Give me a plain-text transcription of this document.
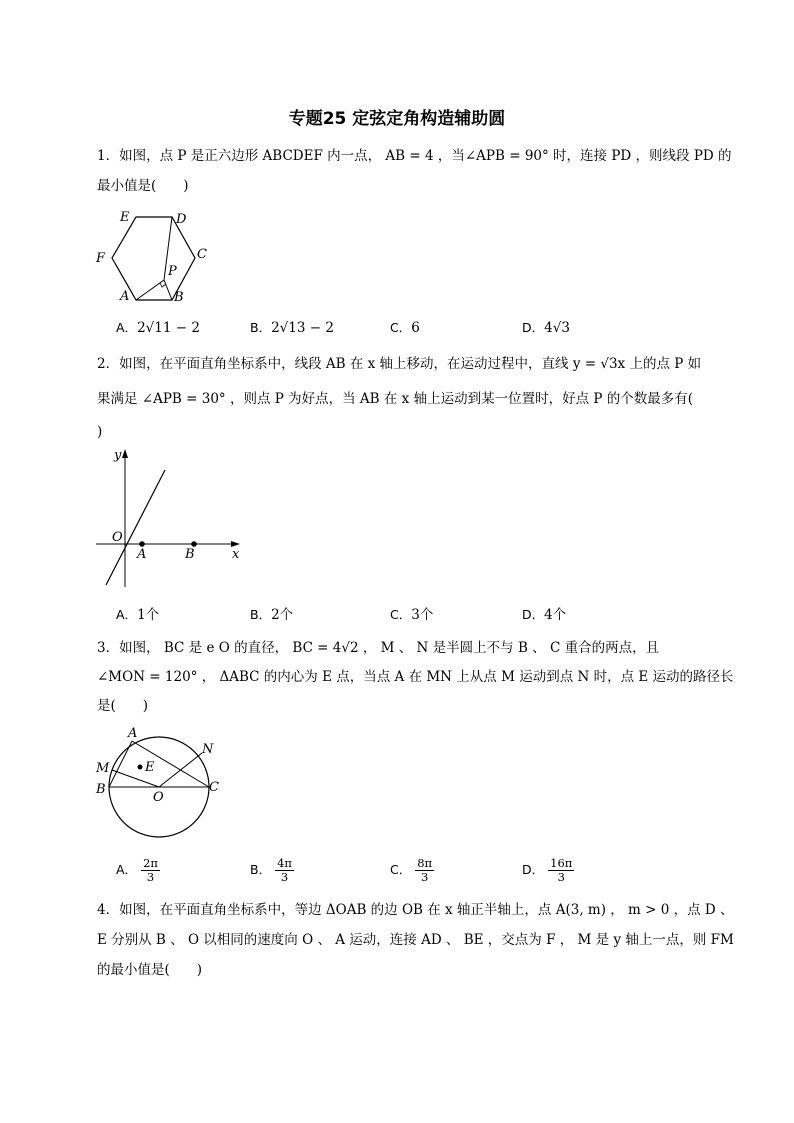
专题25 定弦定角构造辅助圆
1．如图，点 P 是正六边形 ABCDEF 内一点， AB = 4 ，当∠APB = 90° 时，连接 PD ，则线段 PD 的
最小值是(　　)
E	D
F	C
P
A	B
A．2√11 − 2	B．2√13 − 2	C．6	D．4√3
2．如图，在平面直角坐标系中，线段 AB 在 x 轴上移动，在运动过程中，直线 y = √3x 上的点 P 如
果满足 ∠APB = 30° ，则点 P 为好点，当 AB 在 x 轴上运动到某一位置时，好点 P 的个数最多有(
)
y
O
A	B	x
A．1个	B．2个	C．3个	D．4个
3．如图， BC 是 e O 的直径， BC = 4√2 ， M 、 N 是半圆上不与 B 、 C 重合的两点，且
∠MON = 120° ， ΔABC 的内心为 E 点，当点 A 在 MN 上从点 M 运动到点 N 时，点 E 运动的路径长
是(　　)
A
N
M	E
B
O
C
A． $\frac{2\pi}{3}$	B． $\frac{4\pi}{3}$	C． $\frac{8\pi}{3}$	D． $\frac{16\pi}{3}$
4．如图，在平面直角坐标系中，等边 ΔOAB 的边 OB 在 x 轴正半轴上，点 A(3, m) ， m > 0 ，点 D 、
E 分别从 B 、 O 以相同的速度向 O 、 A 运动，连接 AD 、 BE ，交点为 F ， M 是 y 轴上一点，则 FM
的最小值是(　　)
